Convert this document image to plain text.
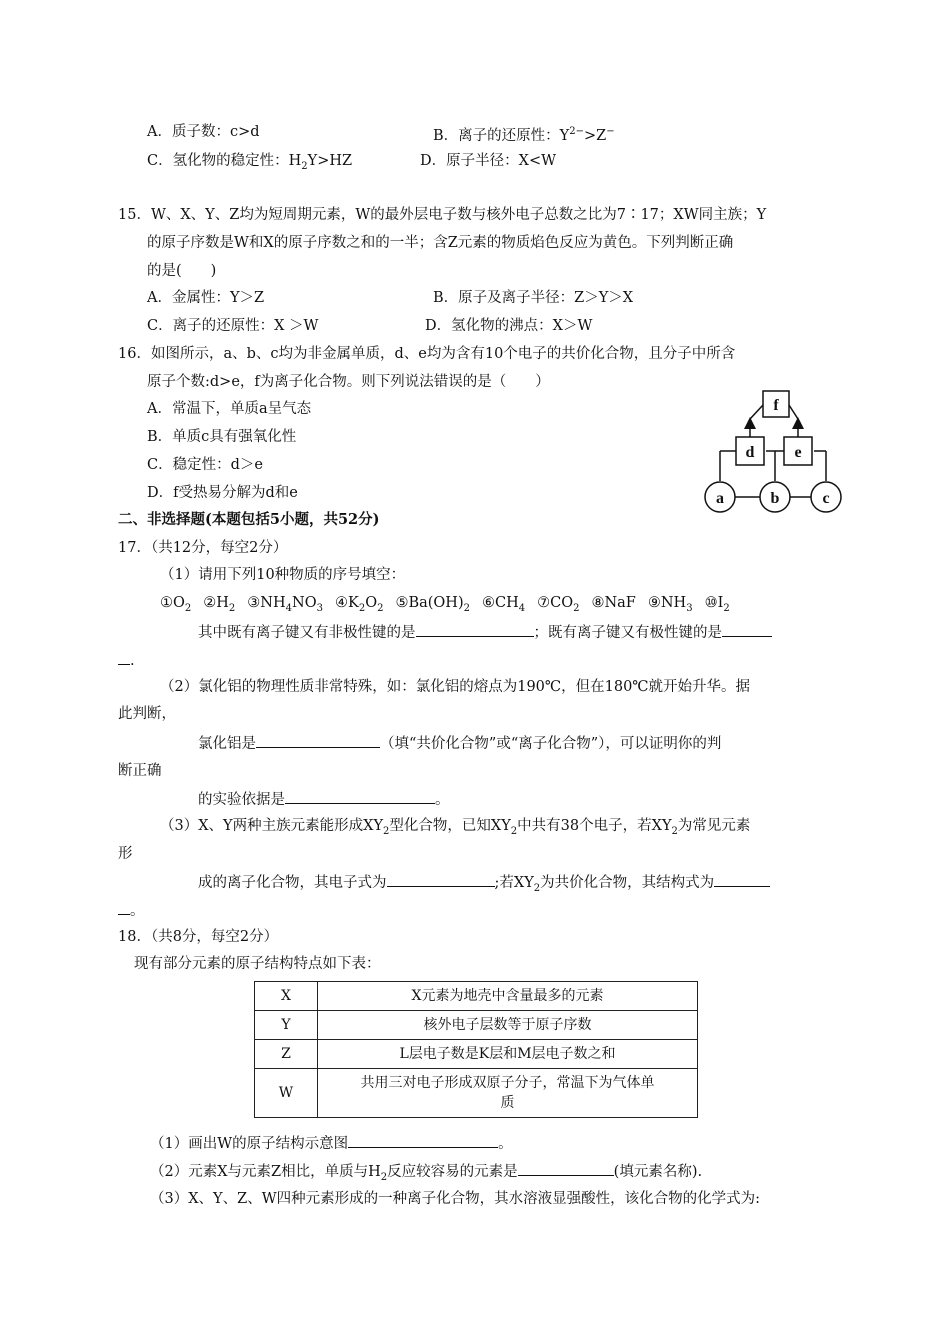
A．质子数：c>d	B．离子的还原性：$Y^{2-}>Z^-$
C．氢化物的稳定性：$H_2Y>HZ$	D．原子半径：X<W
15．W、X、Y、Z均为短周期元素，W的最外层电子数与核外电子总数之比为7∶17；XW同主族；Y
的原子序数是W和X的原子序数之和的一半；含Z元素的物质焰色反应为黄色。下列判断正确
的是(　　)
A．金属性：Y＞Z	B．原子及离子半径：Z＞Y＞X
C．离子的还原性：X ＞W	D．氢化物的沸点：X＞W
16．如图所示，a、b、c均为非金属单质，d、e均为含有10个电子的共价化合物，且分子中所含
原子个数:d>e，f为离子化合物。则下列说法错误的是（　　）
A．常温下，单质a呈气态
B．单质c具有强氧化性
C．稳定性：d＞e
D．f受热易分解为d和e
f
d e
a	b	c
二、非选择题(本题包括5小题，共52分)
17．（共12分，每空2分）
（1）请用下列10种物质的序号填空：
$①O_2$ $②H_2$ $③NH_4NO_3$ $④K_2O_2$ $⑤Ba(OH)_2$ $⑥CH_4$ $⑦CO_2$ ⑧NaF $⑨NH_3$ $⑩I_2$
其中既有离子键又有非极性键的是	；既有离子键又有极性键的是
.
（2）氯化铝的物理性质非常特殊，如：氯化铝的熔点为190℃，但在180℃就开始升华。据
此判断，
氯化铝是	（填“共价化合物”或“离子化合物”），可以证明你的判
断正确
的实验依据是	。
（3）X、Y两种主族元素能形成$XY_2$型化合物，已知$XY_2$中共有38个电子，若$XY_2$为常见元素
形
成的离子化合物，其电子式为	;若$XY_2$为共价化合物，其结构式为
。
18．（共8分，每空2分）
现有部分元素的原子结构特点如下表：
X	X元素为地壳中含量最多的元素
Y	核外电子层数等于原子序数
Z	L层电子数是K层和M层电子数之和
W	共用三对电子形成双原子分子，常温下为气体单质
（1）画出W的原子结构示意图	。
（2）元素X与元素Z相比，单质与$H_2$反应较容易的元素是	(填元素名称).
（3）X、Y、Z、W四种元素形成的一种离子化合物，其水溶液显强酸性，该化合物的化学式为:
